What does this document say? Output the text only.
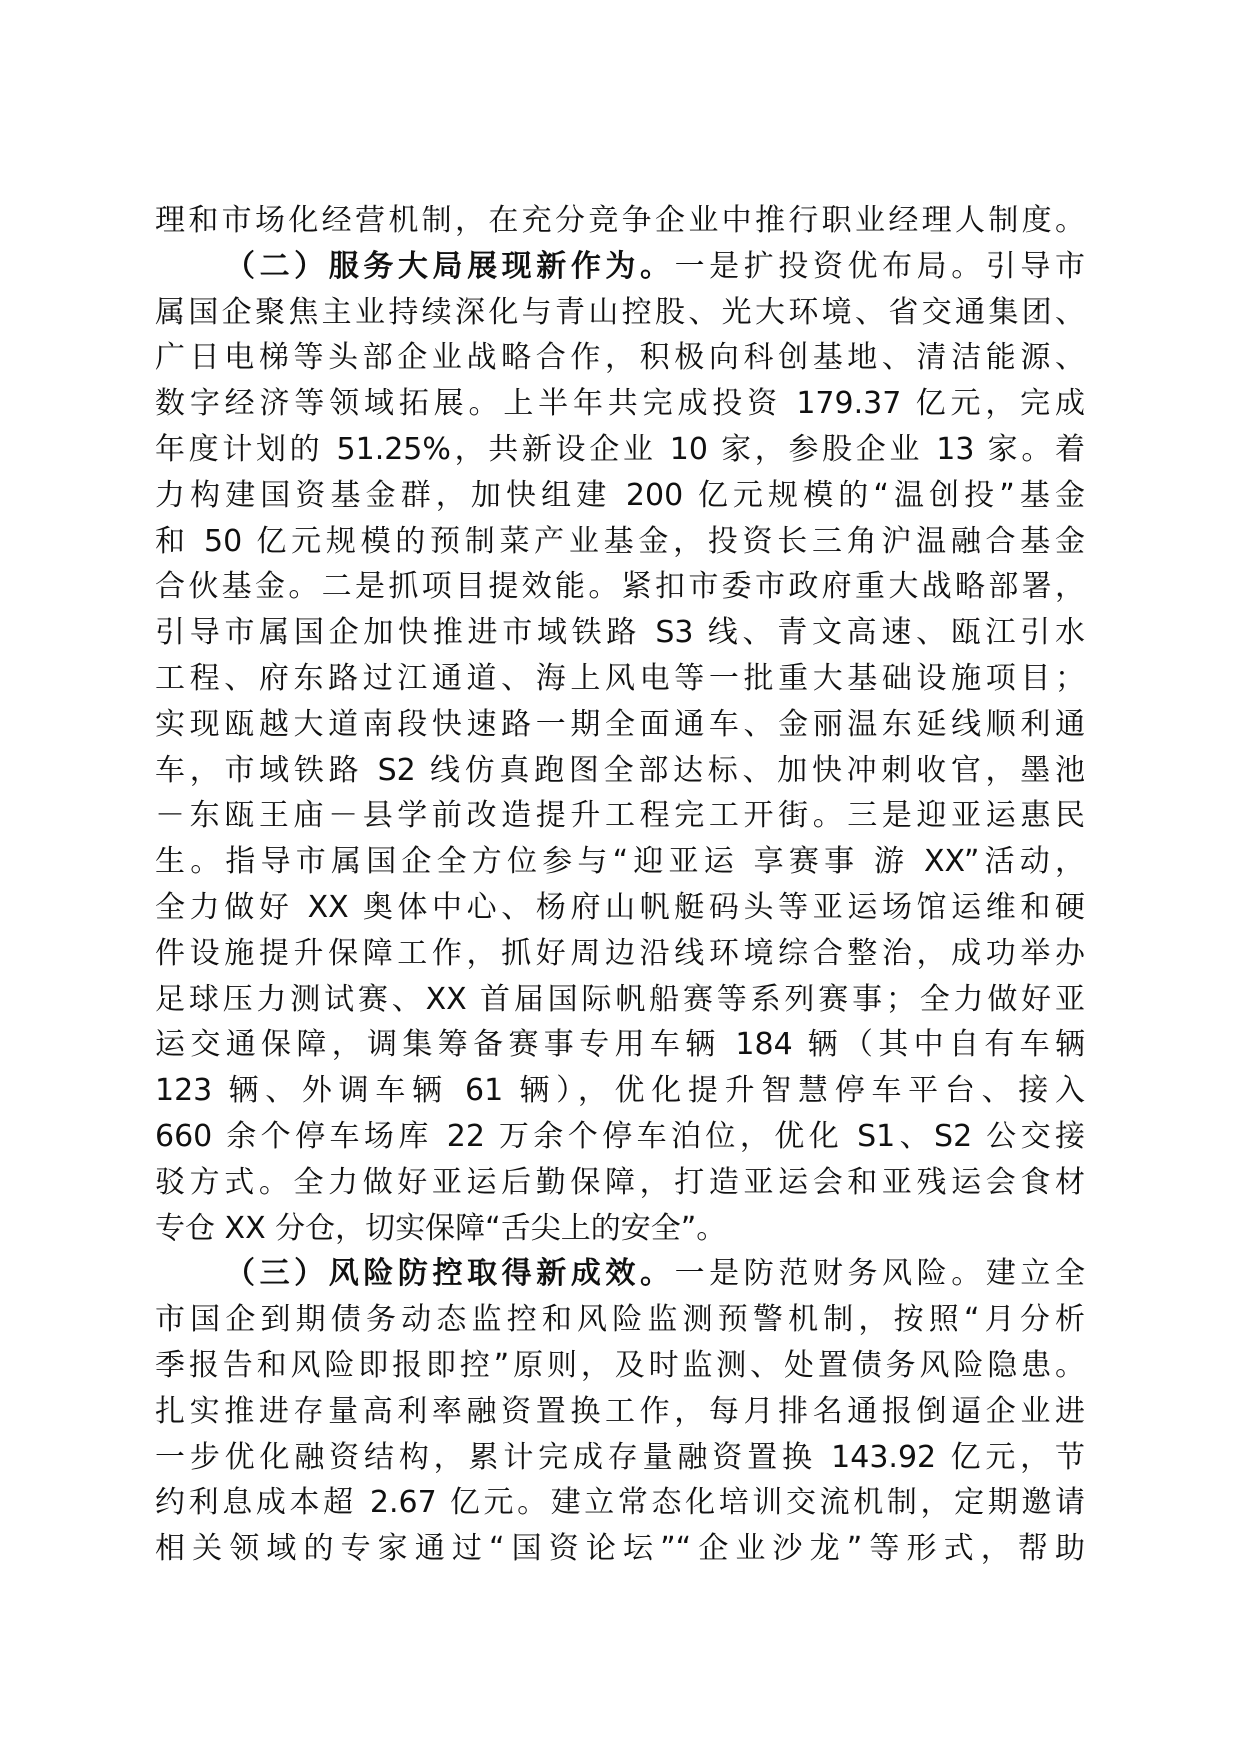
理和市场化经营机制，在充分竞争企业中推行职业经理人制度。
（二）服务大局展现新作为。一是扩投资优布局。引导市
属国企聚焦主业持续深化与青山控股、光大环境、省交通集团、
广日电梯等头部企业战略合作，积极向科创基地、清洁能源、
数字经济等领域拓展。上半年共完成投资 179.37 亿元，完成
年度计划的 51.25%，共新设企业 10 家，参股企业 13 家。着
力构建国资基金群，加快组建 200 亿元规模的“温创投”基金
和 50 亿元规模的预制菜产业基金，投资长三角沪温融合基金
合伙基金。二是抓项目提效能。紧扣市委市政府重大战略部署，
引导市属国企加快推进市域铁路 S3 线、青文高速、瓯江引水
工程、府东路过江通道、海上风电等一批重大基础设施项目；
实现瓯越大道南段快速路一期全面通车、金丽温东延线顺利通
车，市域铁路 S2 线仿真跑图全部达标、加快冲刺收官，墨池
－东瓯王庙－县学前改造提升工程完工开街。三是迎亚运惠民
生。指导市属国企全方位参与“迎亚运 享赛事 游 XX”活动，
全力做好 XX 奥体中心、杨府山帆艇码头等亚运场馆运维和硬
件设施提升保障工作，抓好周边沿线环境综合整治，成功举办
足球压力测试赛、XX 首届国际帆船赛等系列赛事；全力做好亚
运交通保障，调集筹备赛事专用车辆 184 辆（其中自有车辆
123 辆、外调车辆 61 辆），优化提升智慧停车平台、接入
660 余个停车场库 22 万余个停车泊位，优化 S1、S2 公交接
驳方式。全力做好亚运后勤保障，打造亚运会和亚残运会食材
专仓 XX 分仓，切实保障“舌尖上的安全”。
（三）风险防控取得新成效。一是防范财务风险。建立全
市国企到期债务动态监控和风险监测预警机制，按照“月分析
季报告和风险即报即控”原则，及时监测、处置债务风险隐患。
扎实推进存量高利率融资置换工作，每月排名通报倒逼企业进
一步优化融资结构，累计完成存量融资置换 143.92 亿元，节
约利息成本超 2.67 亿元。建立常态化培训交流机制，定期邀请
相关领域的专家通过“国资论坛”“企业沙龙”等形式，帮助
